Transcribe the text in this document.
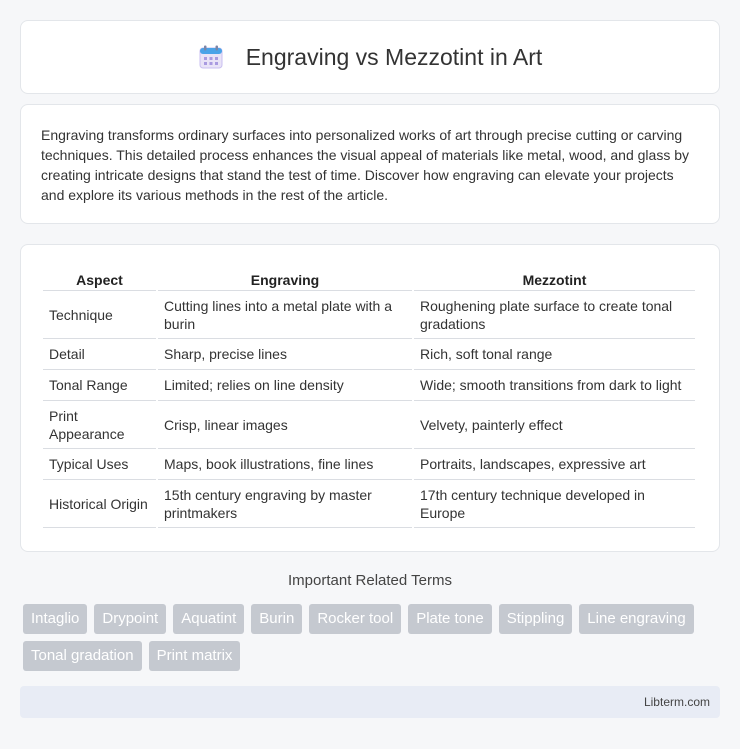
Engraving vs Mezzotint in Art

Engraving transforms ordinary surfaces into personalized works of art through precise cutting or carving techniques. This detailed process enhances the visual appeal of materials like metal, wood, and glass by creating intricate designs that stand the test of time. Discover how engraving can elevate your projects and explore its various methods in the rest of the article.

Aspect	Engraving	Mezzotint
Technique	Cutting lines into a metal plate with a burin	Roughening plate surface to create tonal gradations
Detail	Sharp, precise lines	Rich, soft tonal range
Tonal Range	Limited; relies on line density	Wide; smooth transitions from dark to light
Print Appearance	Crisp, linear images	Velvety, painterly effect
Typical Uses	Maps, book illustrations, fine lines	Portraits, landscapes, expressive art
Historical Origin	15th century engraving by master printmakers	17th century technique developed in Europe
Important Related Terms
Intaglio	Drypoint	Aquatint	Burin	Rocker tool	Plate tone	Stippling	Line engraving
Tonal gradation	Print matrix
Libterm.com
